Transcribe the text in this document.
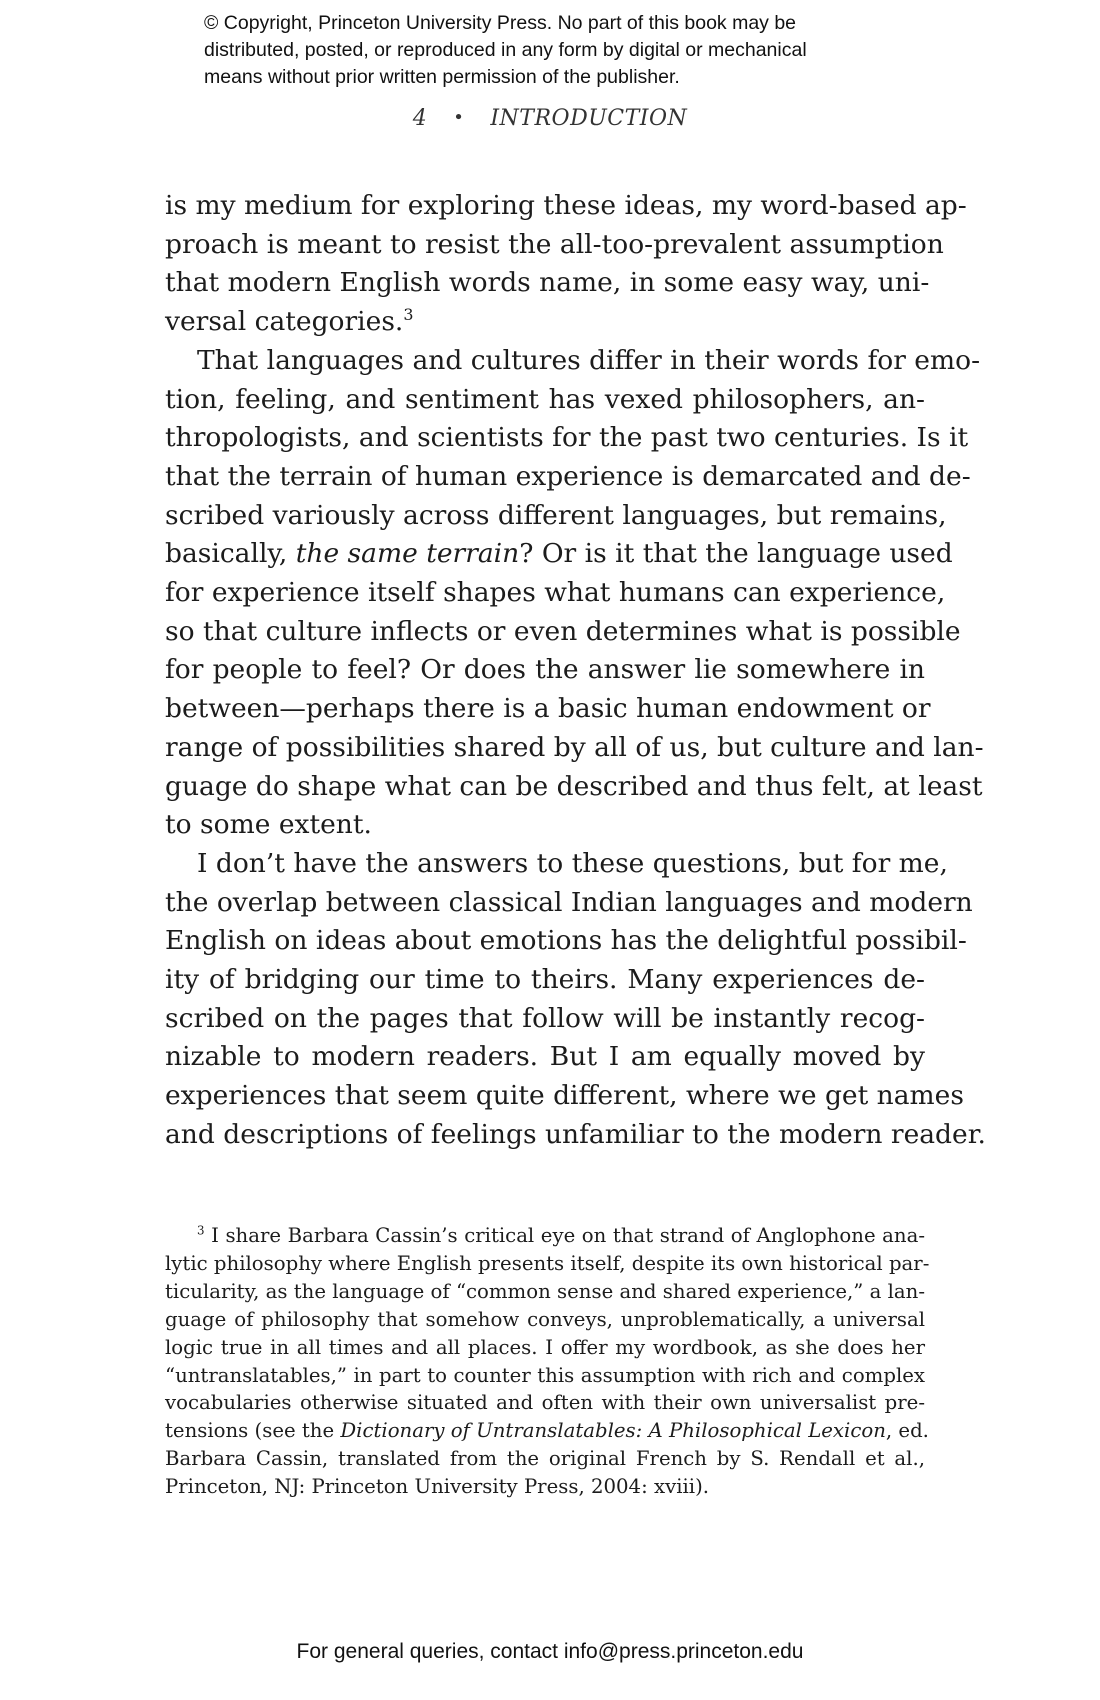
© Copyright, Princeton University Press. No part of this book may be
distributed, posted, or reproduced in any form by digital or mechanical
means without prior written permission of the publisher.
4 • INTRODUCTION
is my medium for exploring these ideas, my word-based ap-
proach is meant to resist the all-too-prevalent assumption
that modern English words name, in some easy way, uni-
versal categories.$^3$
That languages and cultures differ in their words for emo-
tion, feeling, and sentiment has vexed philosophers, an-
thropologists, and scientists for the past two centuries. Is it
that the terrain of human experience is demarcated and de-
scribed variously across different languages, but remains,
basically, the same terrain? Or is it that the language used
for experience itself shapes what humans can experience,
so that culture inflects or even determines what is possible
for people to feel? Or does the answer lie somewhere in
between—perhaps there is a basic human endowment or
range of possibilities shared by all of us, but culture and lan-
guage do shape what can be described and thus felt, at least
to some extent.
I don’t have the answers to these questions, but for me,
the overlap between classical Indian languages and modern
English on ideas about emotions has the delightful possibil-
ity of bridging our time to theirs. Many experiences de-
scribed on the pages that follow will be instantly recog-
nizable to modern readers. But I am equally moved by
experiences that seem quite different, where we get names
and descriptions of feelings unfamiliar to the modern reader.
$^3$ I share Barbara Cassin’s critical eye on that strand of Anglophone ana-
lytic philosophy where English presents itself, despite its own historical par-
ticularity, as the language of “common sense and shared experience,” a lan-
guage of philosophy that somehow conveys, unproblematically, a universal
logic true in all times and all places. I offer my wordbook, as she does her
“untranslatables,” in part to counter this assumption with rich and complex
vocabularies otherwise situated and often with their own universalist pre-
tensions (see the Dictionary of Untranslatables: A Philosophical Lexicon, ed.
Barbara Cassin, translated from the original French by S. Rendall et al.,
Princeton, NJ: Princeton University Press, 2004: xviii).
For general queries, contact info@press.princeton.edu
